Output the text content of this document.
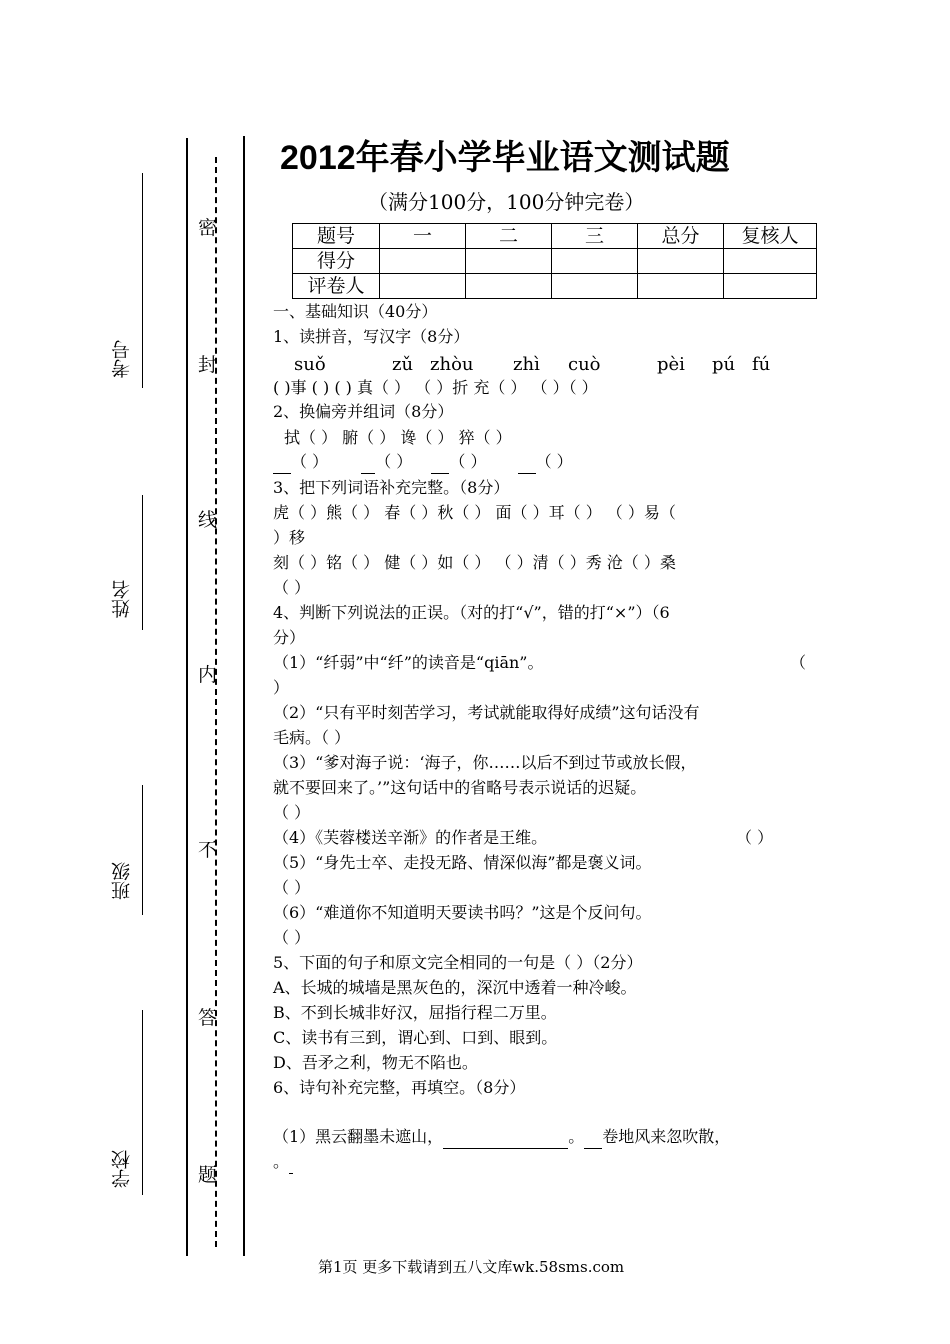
密
封
线
内
不
答
题
考号
姓名
班级
学校
2012年春小学毕业语文测试题
（满分100分，100分钟完卷）
题号	一	二	三	总分	复核人
得分					
评卷人					
一、基础知识（40分）
1、读拼音，写汉字（8分）
suǒ	zǔ zhòu zhì cuò	pèi pú fú
( )事 ( ) ( ) 真（ ） （ ）折 充（ ） （ ）（ ）
2、换偏旁并组词（8分）
拭（ ） 腑（ ） 谗（ ） 猝（ ）
（ ）	（ ） （ ）	（ ）
3、把下列词语补充完整。（8分）
虎（ ）熊（ ） 春（ ）秋（ ） 面（ ）耳（ ） （ ）易（
）移
刻（ ）铭（ ） 健（ ）如（ ） （ ）清（ ）秀 沧（ ）桑
（ ）
4、判断下列说法的正误。（对的打“√”，错的打“×”）（6
分）
（1）“纤弱”中“纤”的读音是“qiān”。	（
）
（2）“只有平时刻苦学习，考试就能取得好成绩”这句话没有
毛病。（ ）
（3）“爹对海子说：‘海子，你……以后不到过节或放长假，
就不要回来了。’”这句话中的省略号表示说话的迟疑。
（ ）
（4）《芙蓉楼送辛渐》的作者是王维。	（ ）
（5）“身先士卒、走投无路、情深似海”都是褒义词。
（ ）
（6）“难道你不知道明天要读书吗？”这是个反问句。
（ ）
5、下面的句子和原文完全相同的一句是（ ）（2分）
A、长城的城墙是黑灰色的，深沉中透着一种冷峻。
B、不到长城非好汉，屈指行程二万里。
C、读书有三到，谓心到、口到、眼到。
D、吾矛之利，物无不陷也。
6、诗句补充完整，再填空。（8分）
（1）黑云翻墨未遮山，	。 卷地风来忽吹散，
。
第1页 更多下载请到五八文库wk.58sms.com
